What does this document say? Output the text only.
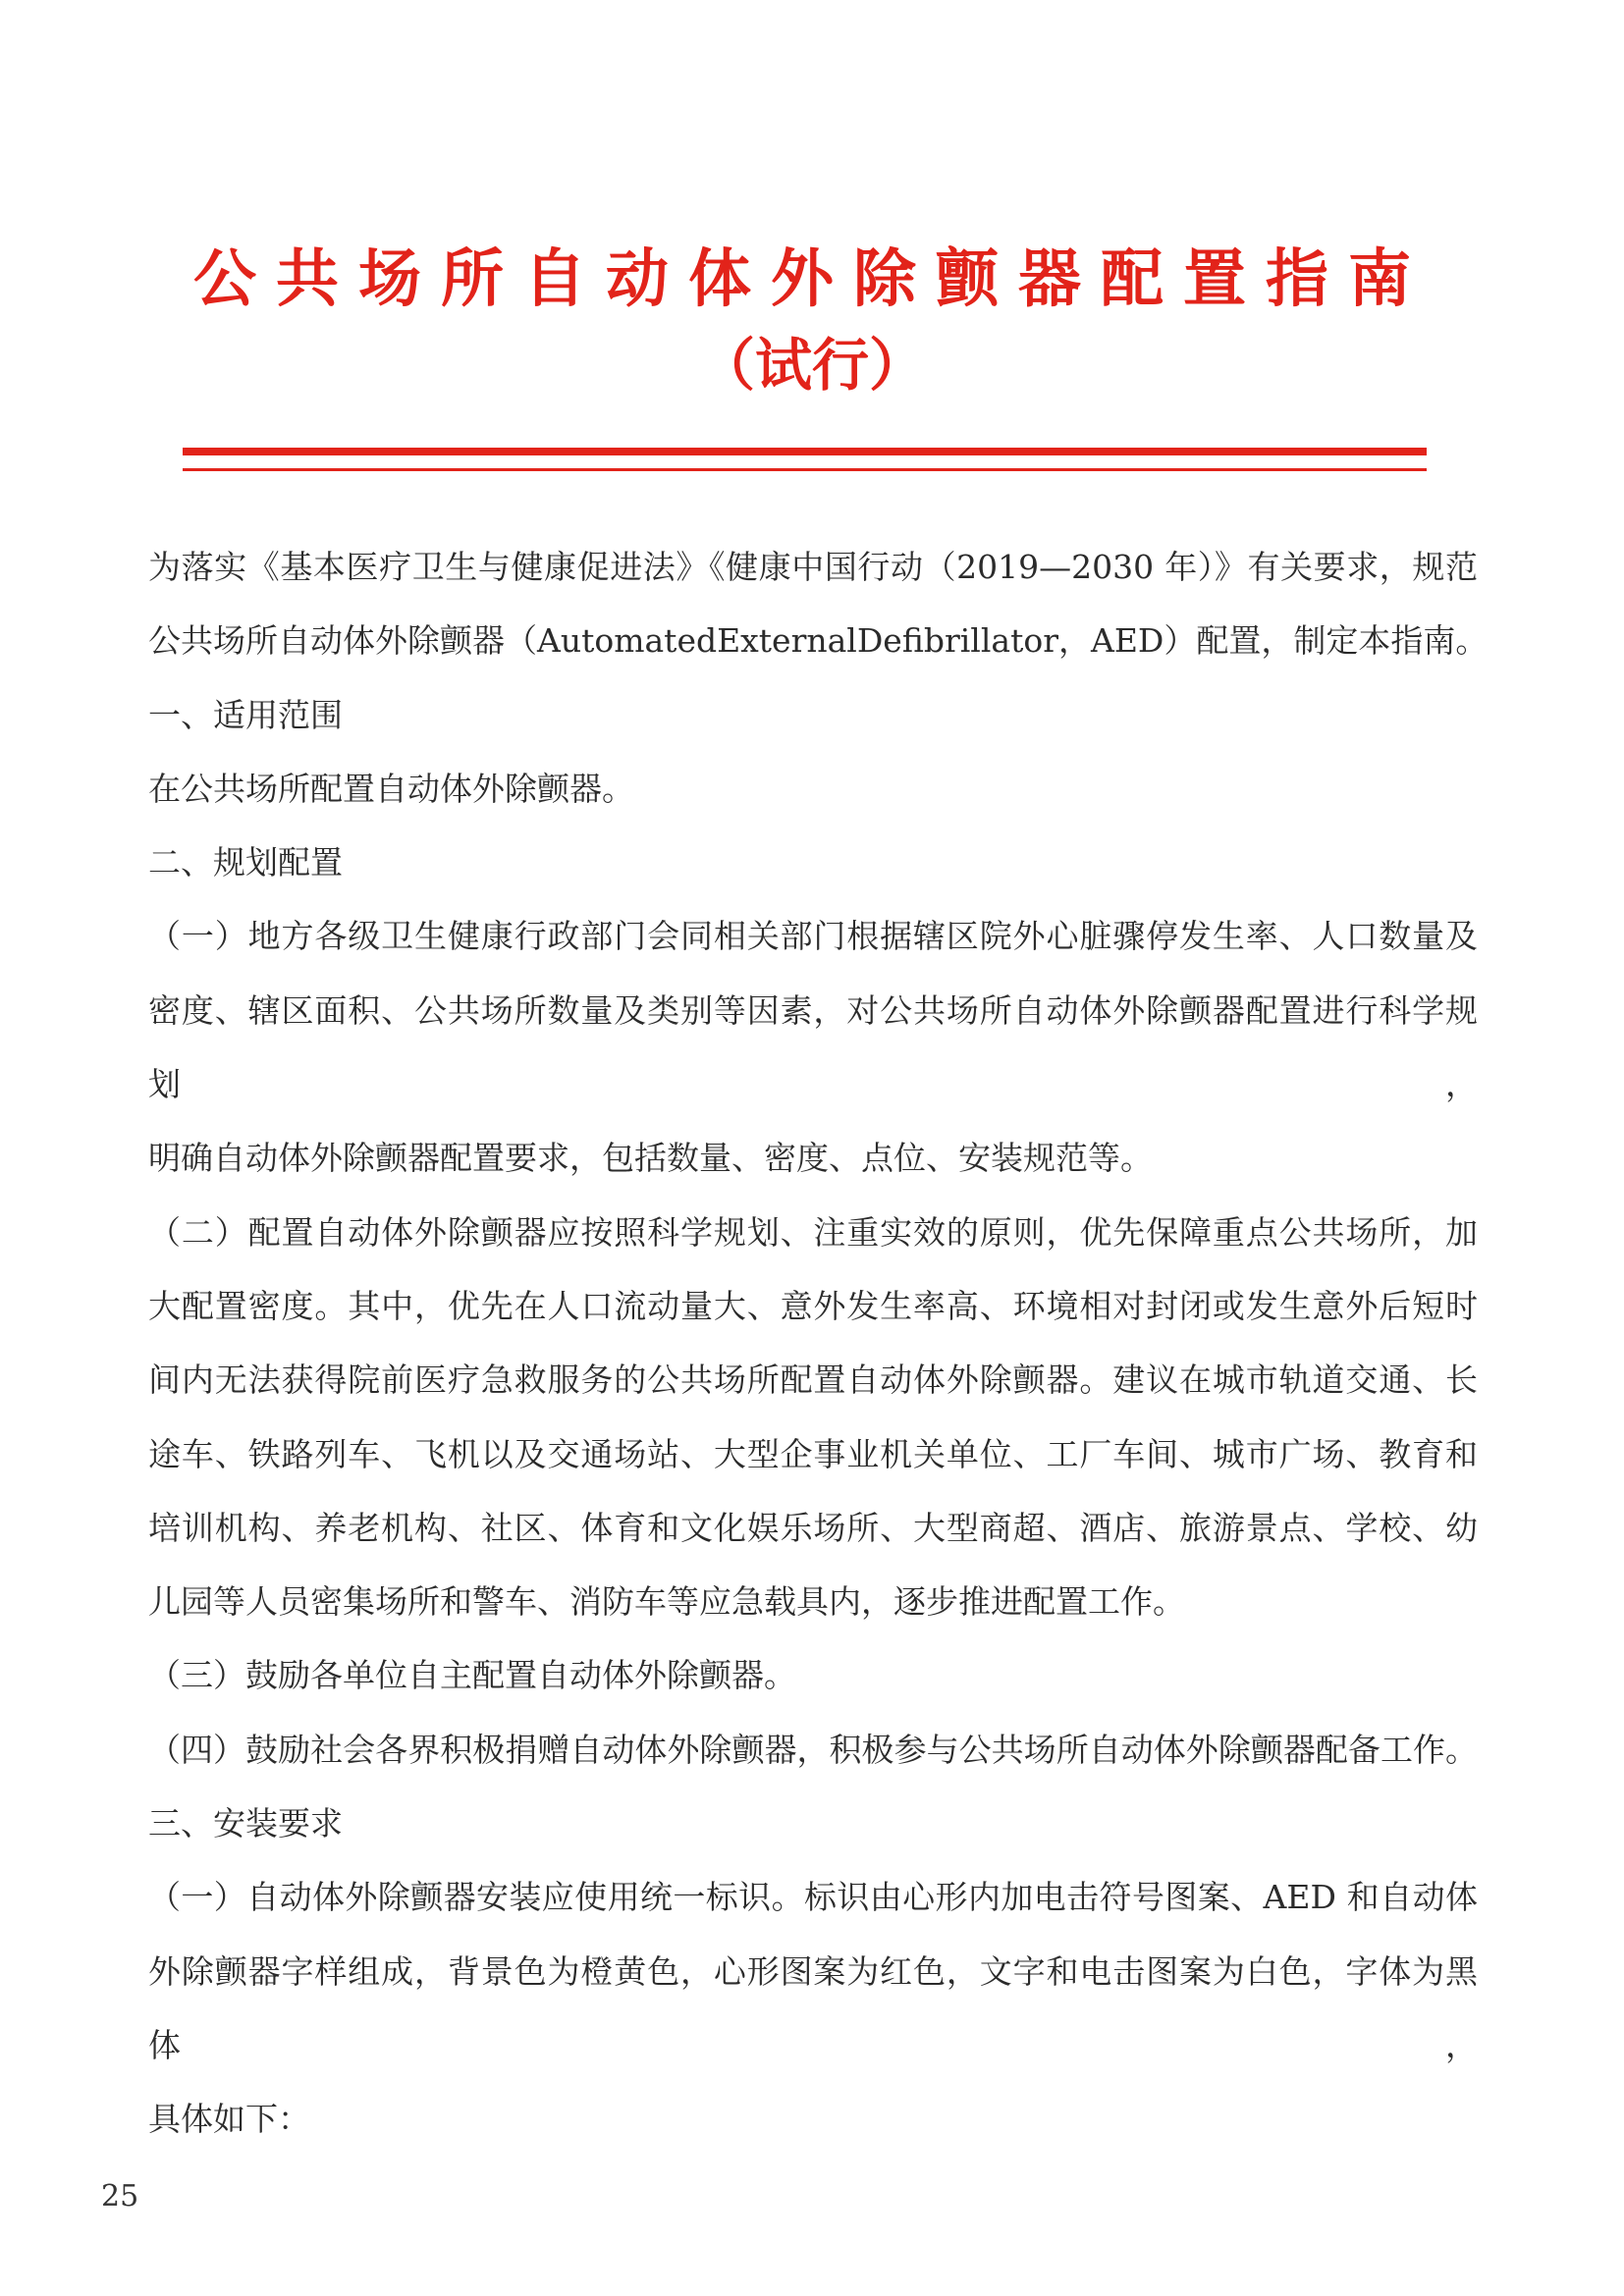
公共场所自动体外除颤器配置指南
（试行）
为落实《基本医疗卫生与健康促进法》《健康中国行动（2019—2030 年）》有关要求，规范
公共场所自动体外除颤器（AutomatedExternalDefibrillator，AED）配置，制定本指南。
一、适用范围
在公共场所配置自动体外除颤器。
二、规划配置
（一）地方各级卫生健康行政部门会同相关部门根据辖区院外心脏骤停发生率、人口数量及
密度、辖区面积、公共场所数量及类别等因素，对公共场所自动体外除颤器配置进行科学规划，
明确自动体外除颤器配置要求，包括数量、密度、点位、安装规范等。
（二）配置自动体外除颤器应按照科学规划、注重实效的原则，优先保障重点公共场所，加
大配置密度。其中，优先在人口流动量大、意外发生率高、环境相对封闭或发生意外后短时
间内无法获得院前医疗急救服务的公共场所配置自动体外除颤器。建议在城市轨道交通、长
途车、铁路列车、飞机以及交通场站、大型企事业机关单位、工厂车间、城市广场、教育和
培训机构、养老机构、社区、体育和文化娱乐场所、大型商超、酒店、旅游景点、学校、幼
儿园等人员密集场所和警车、消防车等应急载具内，逐步推进配置工作。
（三）鼓励各单位自主配置自动体外除颤器。
（四）鼓励社会各界积极捐赠自动体外除颤器，积极参与公共场所自动体外除颤器配备工作。
三、安装要求
（一）自动体外除颤器安装应使用统一标识。标识由心形内加电击符号图案、AED 和自动体
外除颤器字样组成，背景色为橙黄色，心形图案为红色，文字和电击图案为白色，字体为黑体，
具体如下：
25
